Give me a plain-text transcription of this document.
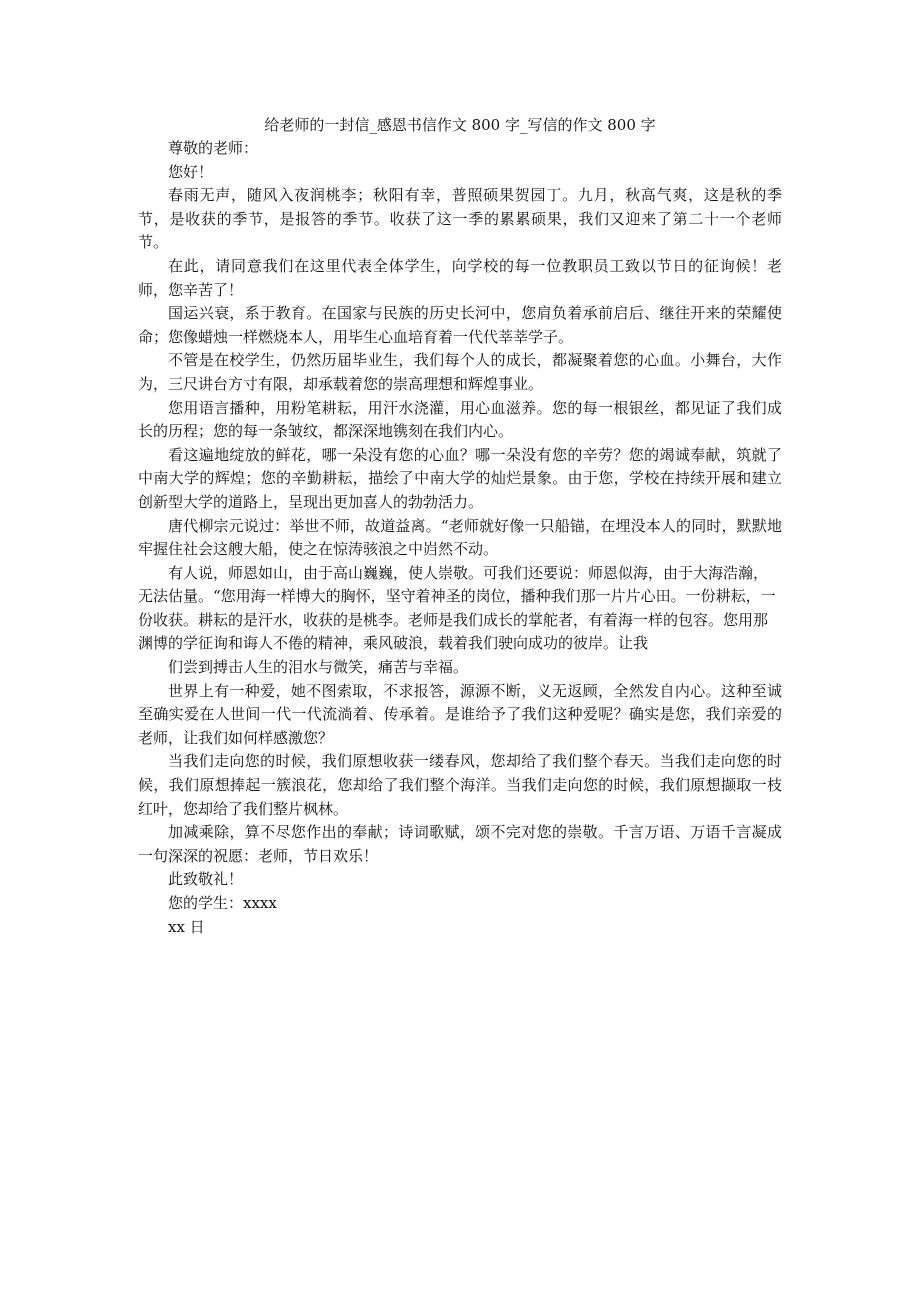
给老师的一封信_感恩书信作文 800 字_写信的作文 800 字

尊敬的老师：

您好！

春雨无声，随风入夜润桃李；秋阳有幸，普照硕果贺园丁。九月，秋高气爽，这是秋的季节，是收获的季节，是报答的季节。收获了这一季的累累硕果，我们又迎来了第二十一个老师节。

在此，请同意我们在这里代表全体学生，向学校的每一位教职员工致以节日的征询候！老师，您辛苦了！

国运兴衰，系于教育。在国家与民族的历史长河中，您肩负着承前启后、继往开来的荣耀使命；您像蜡烛一样燃烧本人，用毕生心血培育着一代代莘莘学子。

不管是在校学生，仍然历届毕业生，我们每个人的成长，都凝聚着您的心血。小舞台，大作为，三尺讲台方寸有限，却承载着您的崇高理想和辉煌事业。

您用语言播种，用粉笔耕耘，用汗水浇灌，用心血滋养。您的每一根银丝，都见证了我们成长的历程；您的每一条皱纹，都深深地镌刻在我们内心。

看这遍地绽放的鲜花，哪一朵没有您的心血？哪一朵没有您的辛劳？您的竭诚奉献，筑就了中南大学的辉煌；您的辛勤耕耘，描绘了中南大学的灿烂景象。由于您，学校在持续开展和建立创新型大学的道路上，呈现出更加喜人的勃勃活力。

唐代柳宗元说过：举世不师，故道益离。“老师就好像一只船锚，在埋没本人的同时，默默地牢握住社会这艘大船，使之在惊涛骇浪之中岿然不动。

有人说，师恩如山，由于高山巍巍，使人崇敬。可我们还要说：师恩似海，由于大海浩瀚，无法估量。“您用海一样博大的胸怀，坚守着神圣的岗位，播种我们那一片片心田。一份耕耘，一份收获。耕耘的是汗水，收获的是桃李。老师是我们成长的掌舵者，有着海一样的包容。您用那渊博的学征询和诲人不倦的精神，乘风破浪，载着我们驶向成功的彼岸。让我

们尝到搏击人生的泪水与微笑，痛苦与幸福。

世界上有一种爱，她不图索取，不求报答，源源不断，义无返顾，全然发自内心。这种至诚至确实爱在人世间一代一代流淌着、传承着。是谁给予了我们这种爱呢？确实是您，我们亲爱的老师，让我们如何样感激您？

当我们走向您的时候，我们原想收获一缕春风，您却给了我们整个春天。当我们走向您的时候，我们原想捧起一簇浪花，您却给了我们整个海洋。当我们走向您的时候，我们原想撷取一枝红叶，您却给了我们整片枫林。

加减乘除，算不尽您作出的奉献；诗词歌赋，颂不完对您的崇敬。千言万语、万语千言凝成一句深深的祝愿：老师，节日欢乐！

此致敬礼！

您的学生：xxxx

xx 日
